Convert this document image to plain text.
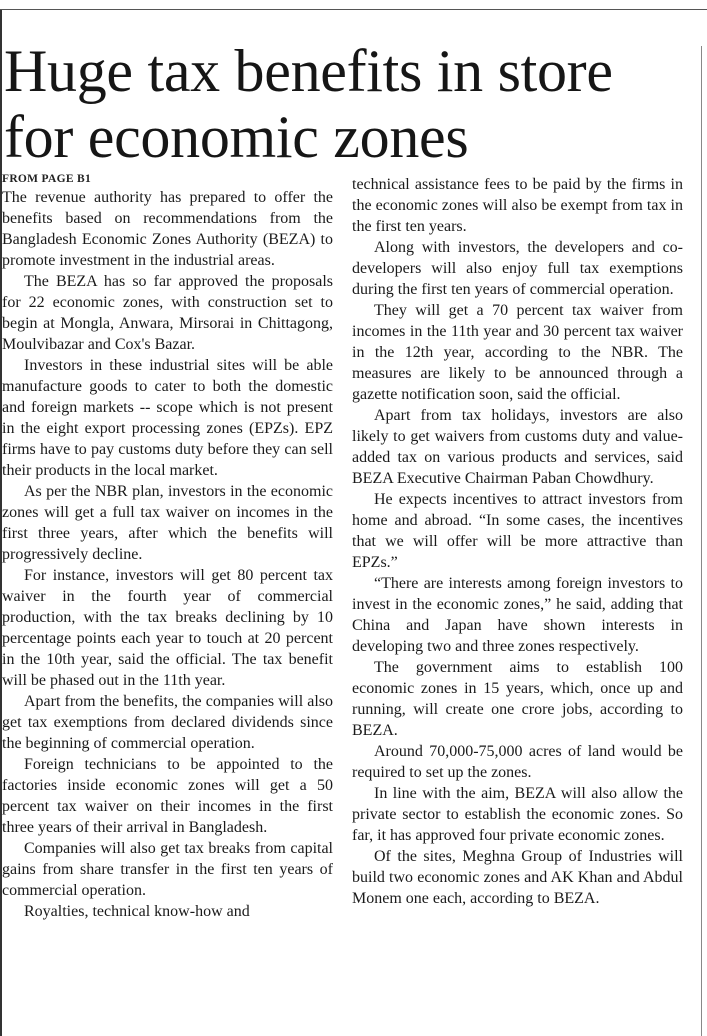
Huge tax benefits in store for economic zones

FROM PAGE B1

The revenue authority has prepared to offer the benefits based on recommendations from the Bangladesh Economic Zones Authority (BEZA) to promote investment in the industrial areas.

The BEZA has so far approved the proposals for 22 economic zones, with construction set to begin at Mongla, Anwara, Mirsorai in Chittagong, Moulvibazar and Cox's Bazar.

Investors in these industrial sites will be able manufacture goods to cater to both the domestic and foreign markets -- scope which is not present in the eight export processing zones (EPZs). EPZ firms have to pay customs duty before they can sell their products in the local market.

As per the NBR plan, investors in the economic zones will get a full tax waiver on incomes in the first three years, after which the benefits will progressively decline.

For instance, investors will get 80 percent tax waiver in the fourth year of commercial production, with the tax breaks declining by 10 percentage points each year to touch at 20 percent in the 10th year, said the official. The tax benefit will be phased out in the 11th year.

Apart from the benefits, the companies will also get tax exemptions from declared dividends since the beginning of commercial operation.

Foreign technicians to be appointed to the factories inside economic zones will get a 50 percent tax waiver on their incomes in the first three years of their arrival in Bangladesh.

Companies will also get tax breaks from capital gains from share transfer in the first ten years of commercial operation.

Royalties, technical know-how and

technical assistance fees to be paid by the firms in the economic zones will also be exempt from tax in the first ten years.

Along with investors, the developers and co-developers will also enjoy full tax exemptions during the first ten years of commercial operation.

They will get a 70 percent tax waiver from incomes in the 11th year and 30 percent tax waiver in the 12th year, according to the NBR. The measures are likely to be announced through a gazette notification soon, said the official.

Apart from tax holidays, investors are also likely to get waivers from customs duty and value-added tax on various products and services, said BEZA Executive Chairman Paban Chowdhury.

He expects incentives to attract investors from home and abroad. “In some cases, the incentives that we will offer will be more attractive than EPZs.”

“There are interests among foreign investors to invest in the economic zones,” he said, adding that China and Japan have shown interests in developing two and three zones respectively.

The government aims to establish 100 economic zones in 15 years, which, once up and running, will create one crore jobs, according to BEZA.

Around 70,000-75,000 acres of land would be required to set up the zones.

In line with the aim, BEZA will also allow the private sector to establish the economic zones. So far, it has approved four private economic zones.

Of the sites, Meghna Group of Industries will build two economic zones and AK Khan and Abdul Monem one each, according to BEZA.
